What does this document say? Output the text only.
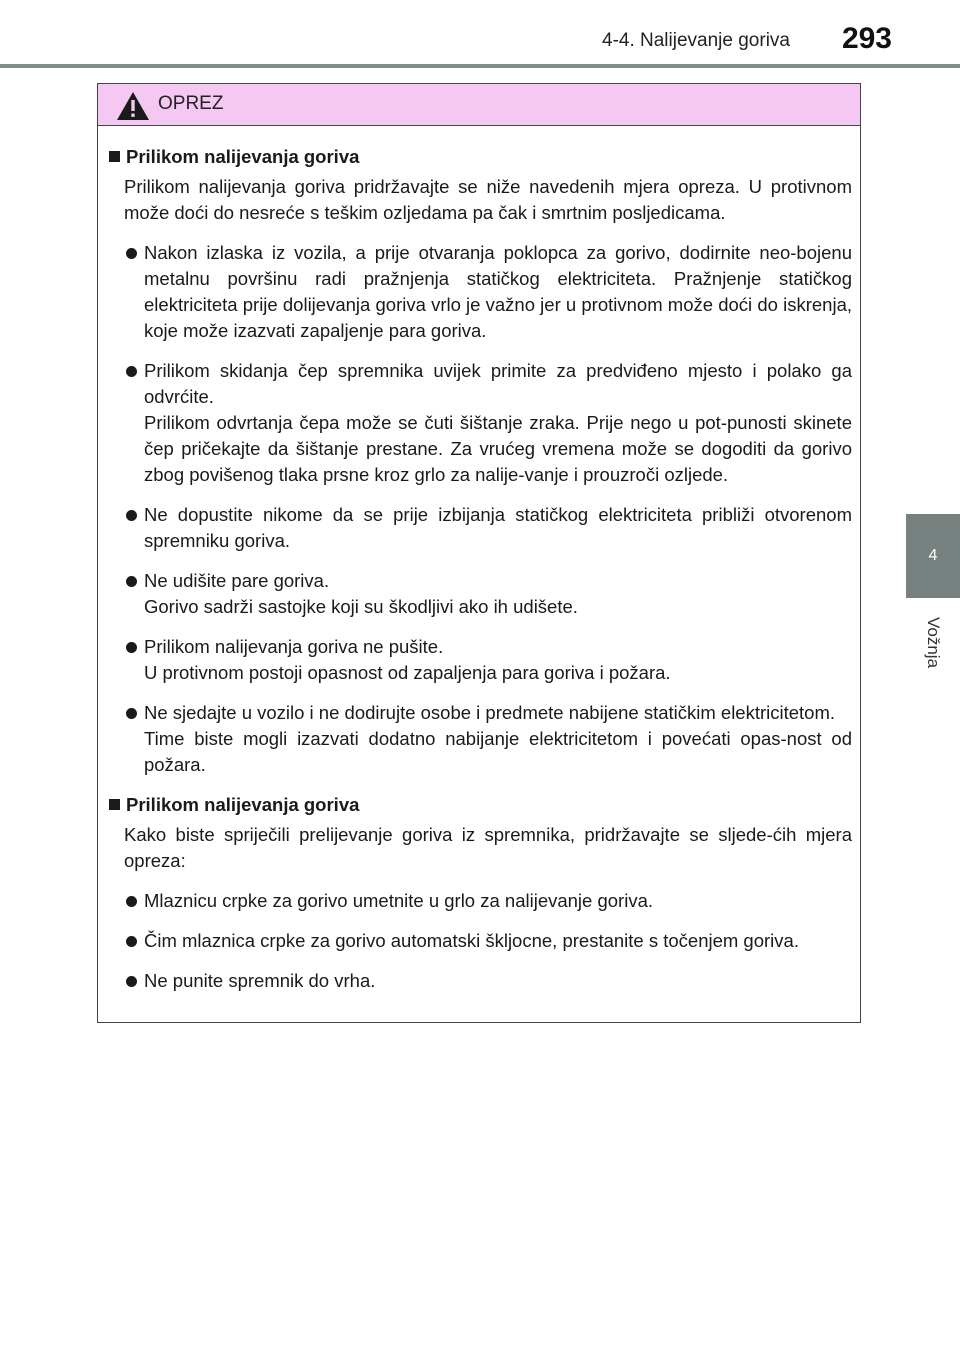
4-4. Nalijevanje goriva 293
4
Vožnja
OPREZ
Prilikom nalijevanja goriva
Prilikom nalijevanja goriva pridržavajte se niže navedenih mjera opreza. U protivnom može doći do nesreće s teškim ozljedama pa čak i smrtnim posljedicama.
Nakon izlaska iz vozila, a prije otvaranja poklopca za gorivo, dodirnite neo-bojenu metalnu površinu radi pražnjenja statičkog elektriciteta. Pražnjenje statičkog elektriciteta prije dolijevanja goriva vrlo je važno jer u protivnom može doći do iskrenja, koje može izazvati zapaljenje para goriva.
Prilikom skidanja čep spremnika uvijek primite za predviđeno mjesto i polako ga odvrćite.
Prilikom odvrtanja čepa može se čuti šištanje zraka. Prije nego u pot-punosti skinete čep pričekajte da šištanje prestane. Za vrućeg vremena može se dogoditi da gorivo zbog povišenog tlaka prsne kroz grlo za nalije-vanje i prouzroči ozljede.
Ne dopustite nikome da se prije izbijanja statičkog elektriciteta približi otvorenom spremniku goriva.
Ne udišite pare goriva.
Gorivo sadrži sastojke koji su škodljivi ako ih udišete.
Prilikom nalijevanja goriva ne pušite.
U protivnom postoji opasnost od zapaljenja para goriva i požara.
Ne sjedajte u vozilo i ne dodirujte osobe i predmete nabijene statičkim elektricitetom.
Time biste mogli izazvati dodatno nabijanje elektricitetom i povećati opas-nost od požara.
Prilikom nalijevanja goriva
Kako biste spriječili prelijevanje goriva iz spremnika, pridržavajte se sljede-ćih mjera opreza:
Mlaznicu crpke za gorivo umetnite u grlo za nalijevanje goriva.
Čim mlaznica crpke za gorivo automatski škljocne, prestanite s točenjem goriva.
Ne punite spremnik do vrha.
